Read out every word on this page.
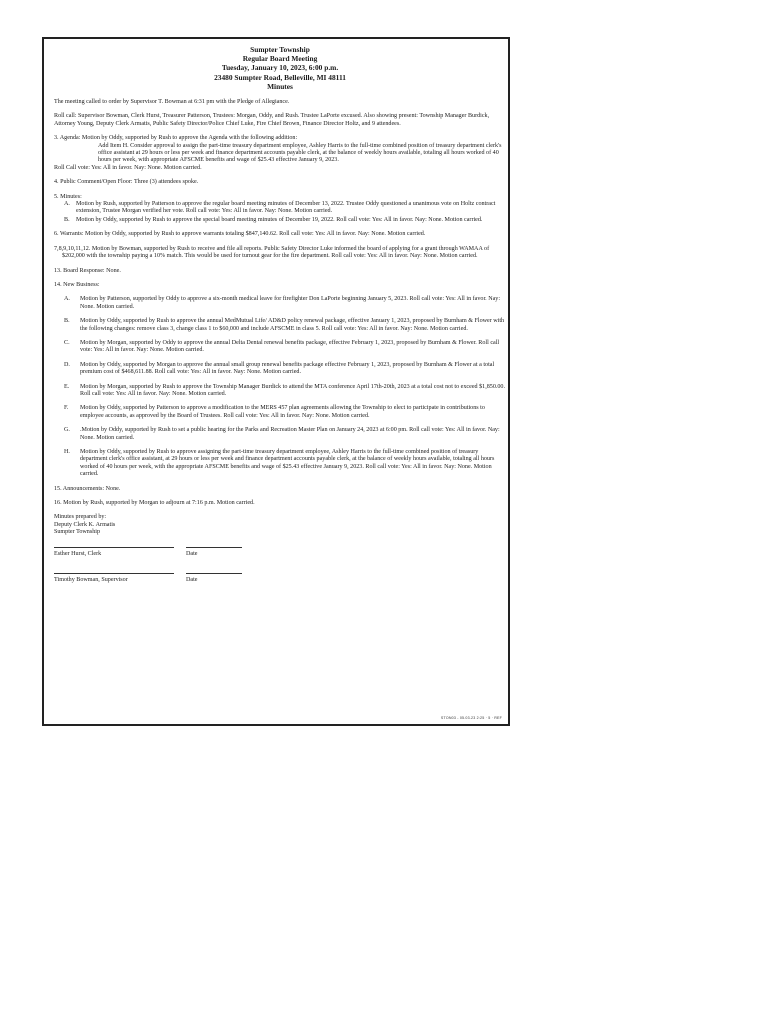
Sumpter Township
Regular Board Meeting
Tuesday, January 10, 2023, 6:00 p.m.
23480 Sumpter Road, Belleville, MI 48111
Minutes

The meeting called to order by Supervisor T. Bowman at 6:31 pm with the Pledge of Allegiance.

Roll call: Supervisor Bowman, Clerk Hurst, Treasurer Patterson, Trustees: Morgan, Oddy, and Rush. Trustee LaPorte excused. Also showing present: Township Manager Burdick, Attorney Young, Deputy Clerk Armatis, Public Safety Director/Police Chief Luke, Fire Chief Brown, Finance Director Holtz, and 9 attendees.

3. Agenda: Motion by Oddy, supported by Rush to approve the Agenda with the following addition:
Add Item H. Consider approval to assign the part-time treasury department employee, Ashley Harris to the full-time combined position of treasury department clerk's office assistant at 29 hours or less per week and finance department accounts payable clerk, at the balance of weekly hours available, totaling all hours worked of 40 hours per week, with appropriate AFSCME benefits and wage of $25.43 effective January 9, 2023.
Roll Call vote: Yes: All in favor. Nay: None. Motion carried.

4. Public Comment/Open Floor: Three (3) attendees spoke.

5. Minutes:
A. Motion by Rush, supported by Patterson to approve the regular board meeting minutes of December 13, 2022. Trustee Oddy questioned a unanimous vote on Holtz contract extension, Trustee Morgan verified her vote. Roll call vote: Yes: All in favor. Nay: None. Motion carried.
B.	Motion by Oddy, supported by Rush to approve the special board meeting minutes of December 19, 2022. Roll call vote: Yes: All in favor. Nay: None. Motion carried.

6. Warrants: Motion by Oddy, supported by Rush to approve warrants totaling $847,140.62. Roll call vote: Yes: All in favor. Nay: None. Motion carried.

7,8,9,10,11,12. Motion by Bowman, supported by Rush to receive and file all reports. Public Safety Director Luke informed the board of applying for a grant through WAMAA of $202,000 with the township paying a 10% match. This would be used for turnout gear for the fire department. Roll call vote: Yes: All in favor. Nay: None. Motion carried.

13. Board Response: None.

14. New Business:

A.	Motion by Patterson, supported by Oddy to approve a six-month medical leave for firefighter Don LaPorte beginning January 5, 2023. Roll call vote: Yes: All in favor. Nay: None. Motion carried.
B.	Motion by Oddy, supported by Rush to approve the annual MedMutual Life/ AD&D policy renewal package, effective January 1, 2023, proposed by Burnham & Flower with the following changes: remove class 3, change class 1 to $60,000 and include AFSCME in class 5. Roll call vote: Yes: All in favor. Nay: None. Motion carried.
C.	Motion by Morgan, supported by Oddy to approve the annual Delta Dental renewal benefits package, effective February 1, 2023, proposed by Burnham & Flower. Roll call vote: Yes: All in favor. Nay: None. Motion carried.
D.	Motion by Oddy, supported by Morgan to approve the annual small group renewal benefits package effective February 1, 2023, proposed by Burnham & Flower at a total premium cost of $468,611.88. Roll call vote: Yes: All in favor. Nay: None. Motion carried.
E.	Motion by Morgan, supported by Rush to approve the Township Manager Burdick to attend the MTA conference April 17th-20th, 2023 at a total cost not to exceed $1,850.00. Roll call vote: Yes: All in favor. Nay: None. Motion carried.
F.	Motion by Oddy, supported by Patterson to approve a modification to the MERS 457 plan agreements allowing the Township to elect to participate in contributions to employee accounts, as approved by the Board of Trustees. Roll call vote: Yes: All in favor. Nay: None. Motion carried.
G.	.Motion by Oddy, supported by Rush to set a public hearing for the Parks and Recreation Master Plan on January 24, 2023 at 6:00 pm. Roll call vote: Yes: All in favor. Nay: None. Motion carried.
H.	Motion by Oddy, supported by Rush to approve assigning the part-time treasury department employee, Ashley Harris to the full-time combined position of treasury department clerk's office assistant, at 29 hours or less per week and finance department accounts payable clerk, at the balance of weekly hours available, totaling all hours worked of 40 hours per week, with the appropriate AFSCME benefits and wage of $25.43 effective January 9, 2023. Roll call vote: Yes: All in favor. Nay: None. Motion carried.

15. Announcements: None.

16. Motion by Rush, supported by Morgan to adjourn at 7:16 p.m. Motion carried.

Minutes prepared by:
Deputy Clerk K. Armatis
Sumpter Township
Esther Hurst, Clerk	Date
Timothy Bowman, Supervisor	Date
STON03 - 05.03.23 2:25 · 5 · REF
